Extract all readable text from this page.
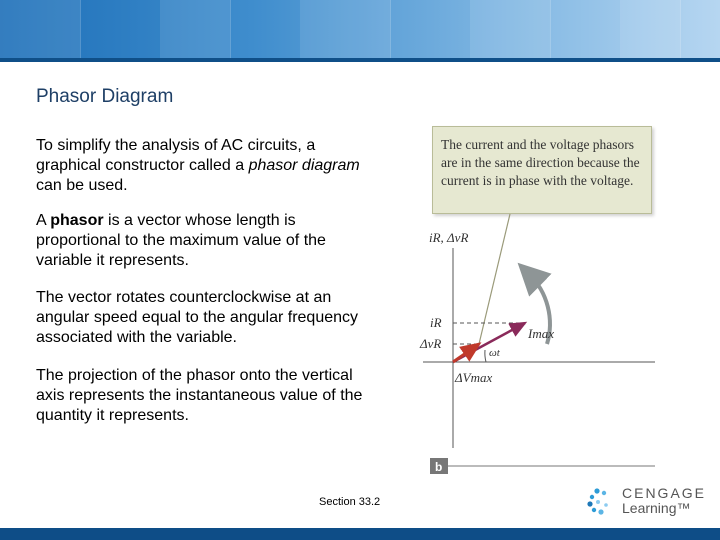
Phasor Diagram
To simplify the analysis of AC circuits, a graphical constructor called a phasor diagram can be used.
A phasor is a vector whose length is proportional to the maximum value of the variable it represents.
The vector rotates counterclockwise at an angular speed equal to the angular frequency associated with the variable.
The projection of the phasor onto the vertical axis represents the instantaneous value of the quantity it represents.
The current and the voltage phasors are in the same direction because the current is in phase with the voltage.
iR, ΔvR
iR
ΔvR
Imax
ΔVmax
ωt
b
Section 33.2
CENGAGE
Learning™
